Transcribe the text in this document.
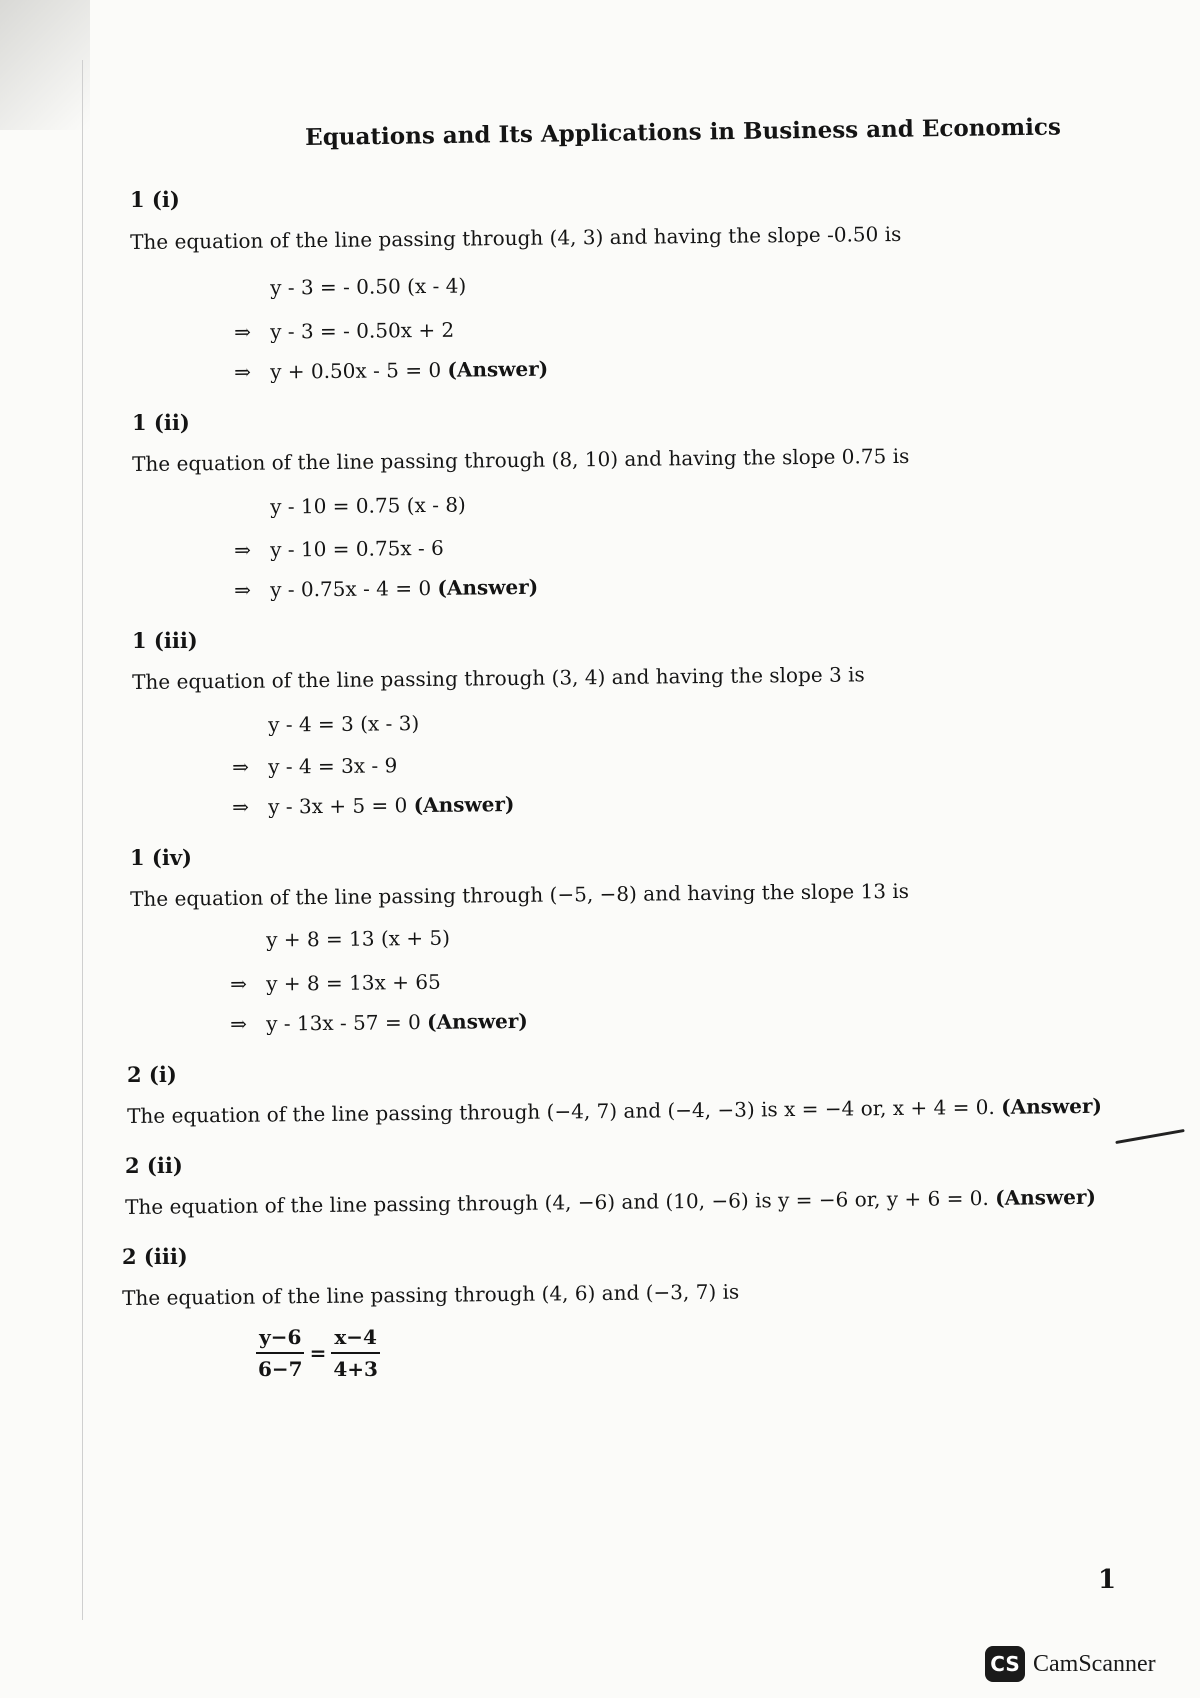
Equations and Its Applications in Business and Economics
1 (i)
The equation of the line passing through (4, 3) and having the slope -0.50 is
y - 3 = - 0.50 (x - 4)
⇒ y - 3 = - 0.50x + 2
⇒ y + 0.50x - 5 = 0 (Answer)
1 (ii)
The equation of the line passing through (8, 10) and having the slope 0.75 is
y - 10 = 0.75 (x - 8)
⇒ y - 10 = 0.75x - 6
⇒ y - 0.75x - 4 = 0 (Answer)
1 (iii)
The equation of the line passing through (3, 4) and having the slope 3 is
y - 4 = 3 (x - 3)
⇒ y - 4 = 3x - 9
⇒ y - 3x + 5 = 0 (Answer)
1 (iv)
The equation of the line passing through (−5, −8) and having the slope 13 is
y + 8 = 13 (x + 5)
⇒ y + 8 = 13x + 65
⇒ y - 13x - 57 = 0 (Answer)
2 (i)
The equation of the line passing through (−4, 7) and (−4, −3) is x = −4 or, x + 4 = 0. (Answer)
2 (ii)
The equation of the line passing through (4, −6) and (10, −6) is y = −6 or, y + 6 = 0. (Answer)
2 (iii)
The equation of the line passing through (4, 6) and (−3, 7) is
$\frac{y-6}{6-7} = \frac{x-4}{4+3}$
1
CS CamScanner
